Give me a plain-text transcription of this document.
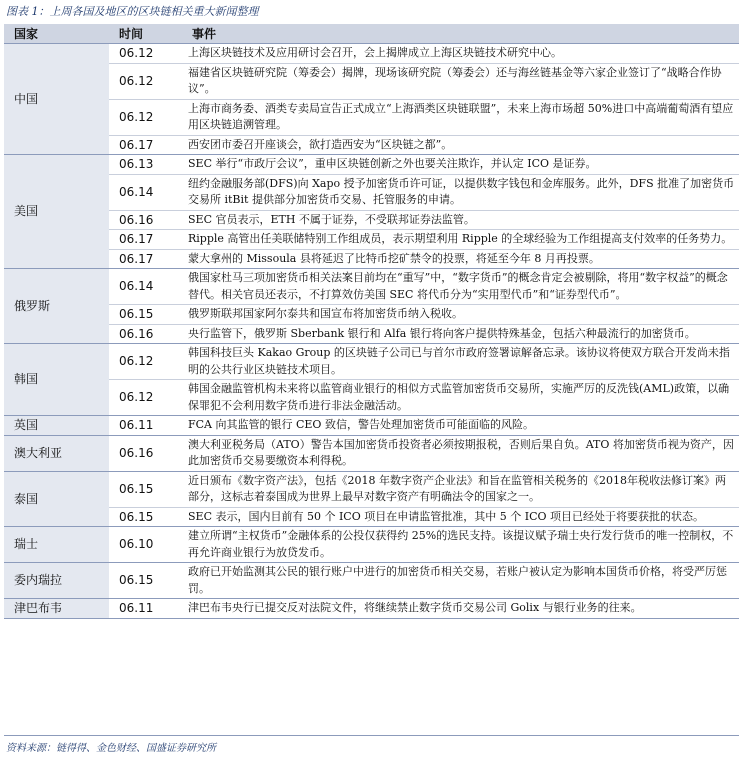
图表 1：上周各国及地区的区块链相关重大新闻整理
国家	时间	事件
中国	06.12	上海区块链技术及应用研讨会召开，会上揭牌成立上海区块链技术研究中心。
	06.12	福建省区块链研究院（筹委会）揭牌，现场该研究院（筹委会）还与海丝链基金等六家企业签订了“战略合作协议”。
	06.12	上海市商务委、酒类专卖局宣告正式成立“上海酒类区块链联盟”，未来上海市场超 50%进口中高端葡萄酒有望应用区块链追溯管理。
	06.17	西安团市委召开座谈会，欲打造西安为“区块链之都”。
美国	06.13	SEC 举行“市政厅会议”，重申区块链创新之外也要关注欺诈，并认定 ICO 是证券。
	06.14	纽约金融服务部(DFS)向 Xapo 授予加密货币许可证，以提供数字钱包和金库服务。此外，DFS 批准了加密货币交易所 itBit 提供部分加密货币交易、托管服务的申请。
	06.16	SEC 官员表示，ETH 不属于证券，不受联邦证券法监管。
	06.17	Ripple 高管出任美联储特别工作组成员，表示期望利用 Ripple 的全球经验为工作组提高支付效率的任务势力。
	06.17	蒙大拿州的 Missoula 县将延迟了比特币挖矿禁令的投票，将延至今年 8 月再投票。
俄罗斯	06.14	俄国家杜马三项加密货币相关法案目前均在“重写”中，“数字货币”的概念肯定会被剔除，将用“数字权益”的概念替代。相关官员还表示，不打算效仿美国 SEC 将代币分为“实用型代币”和“证券型代币”。
	06.15	俄罗斯联邦国家阿尔泰共和国宣布将加密货币纳入税收。
	06.16	央行监管下，俄罗斯 Sberbank 银行和 Alfa 银行将向客户提供特殊基金，包括六种最流行的加密货币。
韩国	06.12	韩国科技巨头 Kakao Group 的区块链子公司已与首尔市政府签署谅解备忘录。该协议将使双方联合开发尚未指明的公共行业区块链技术项目。
	06.12	韩国金融监管机构未来将以监管商业银行的相似方式监管加密货币交易所，实施严厉的反洗钱(AML)政策，以确保罪犯不会利用数字货币进行非法金融活动。
英国	06.11	FCA 向其监管的银行 CEO 致信，警告处理加密货币可能面临的风险。
澳大利亚	06.16	澳大利亚税务局（ATO）警告本国加密货币投资者必须按期报税，否则后果自负。ATO 将加密货币视为资产，因此加密货币交易要缴资本利得税。
泰国	06.15	近日颁布《数字资产法》，包括《2018 年数字资产企业法》和旨在监管相关税务的《2018年税收法修订案》两部分，这标志着泰国成为世界上最早对数字资产有明确法令的国家之一。
	06.15	SEC 表示，国内目前有 50 个 ICO 项目在申请监管批准，其中 5 个 ICO 项目已经处于将要获批的状态。
瑞士	06.10	建立所谓“主权货币”金融体系的公投仅获得约 25%的选民支持。该提议赋予瑞士央行发行货币的唯一控制权，不再允许商业银行为放贷发币。
委内瑞拉	06.15	政府已开始监测其公民的银行账户中进行的加密货币相关交易，若账户被认定为影响本国货币价格，将受严厉惩罚。
津巴布韦	06.11	津巴布韦央行已提交反对法院文件，将继续禁止数字货币交易公司 Golix 与银行业务的往来。
资料来源：链得得、金色财经、国盛证券研究所
